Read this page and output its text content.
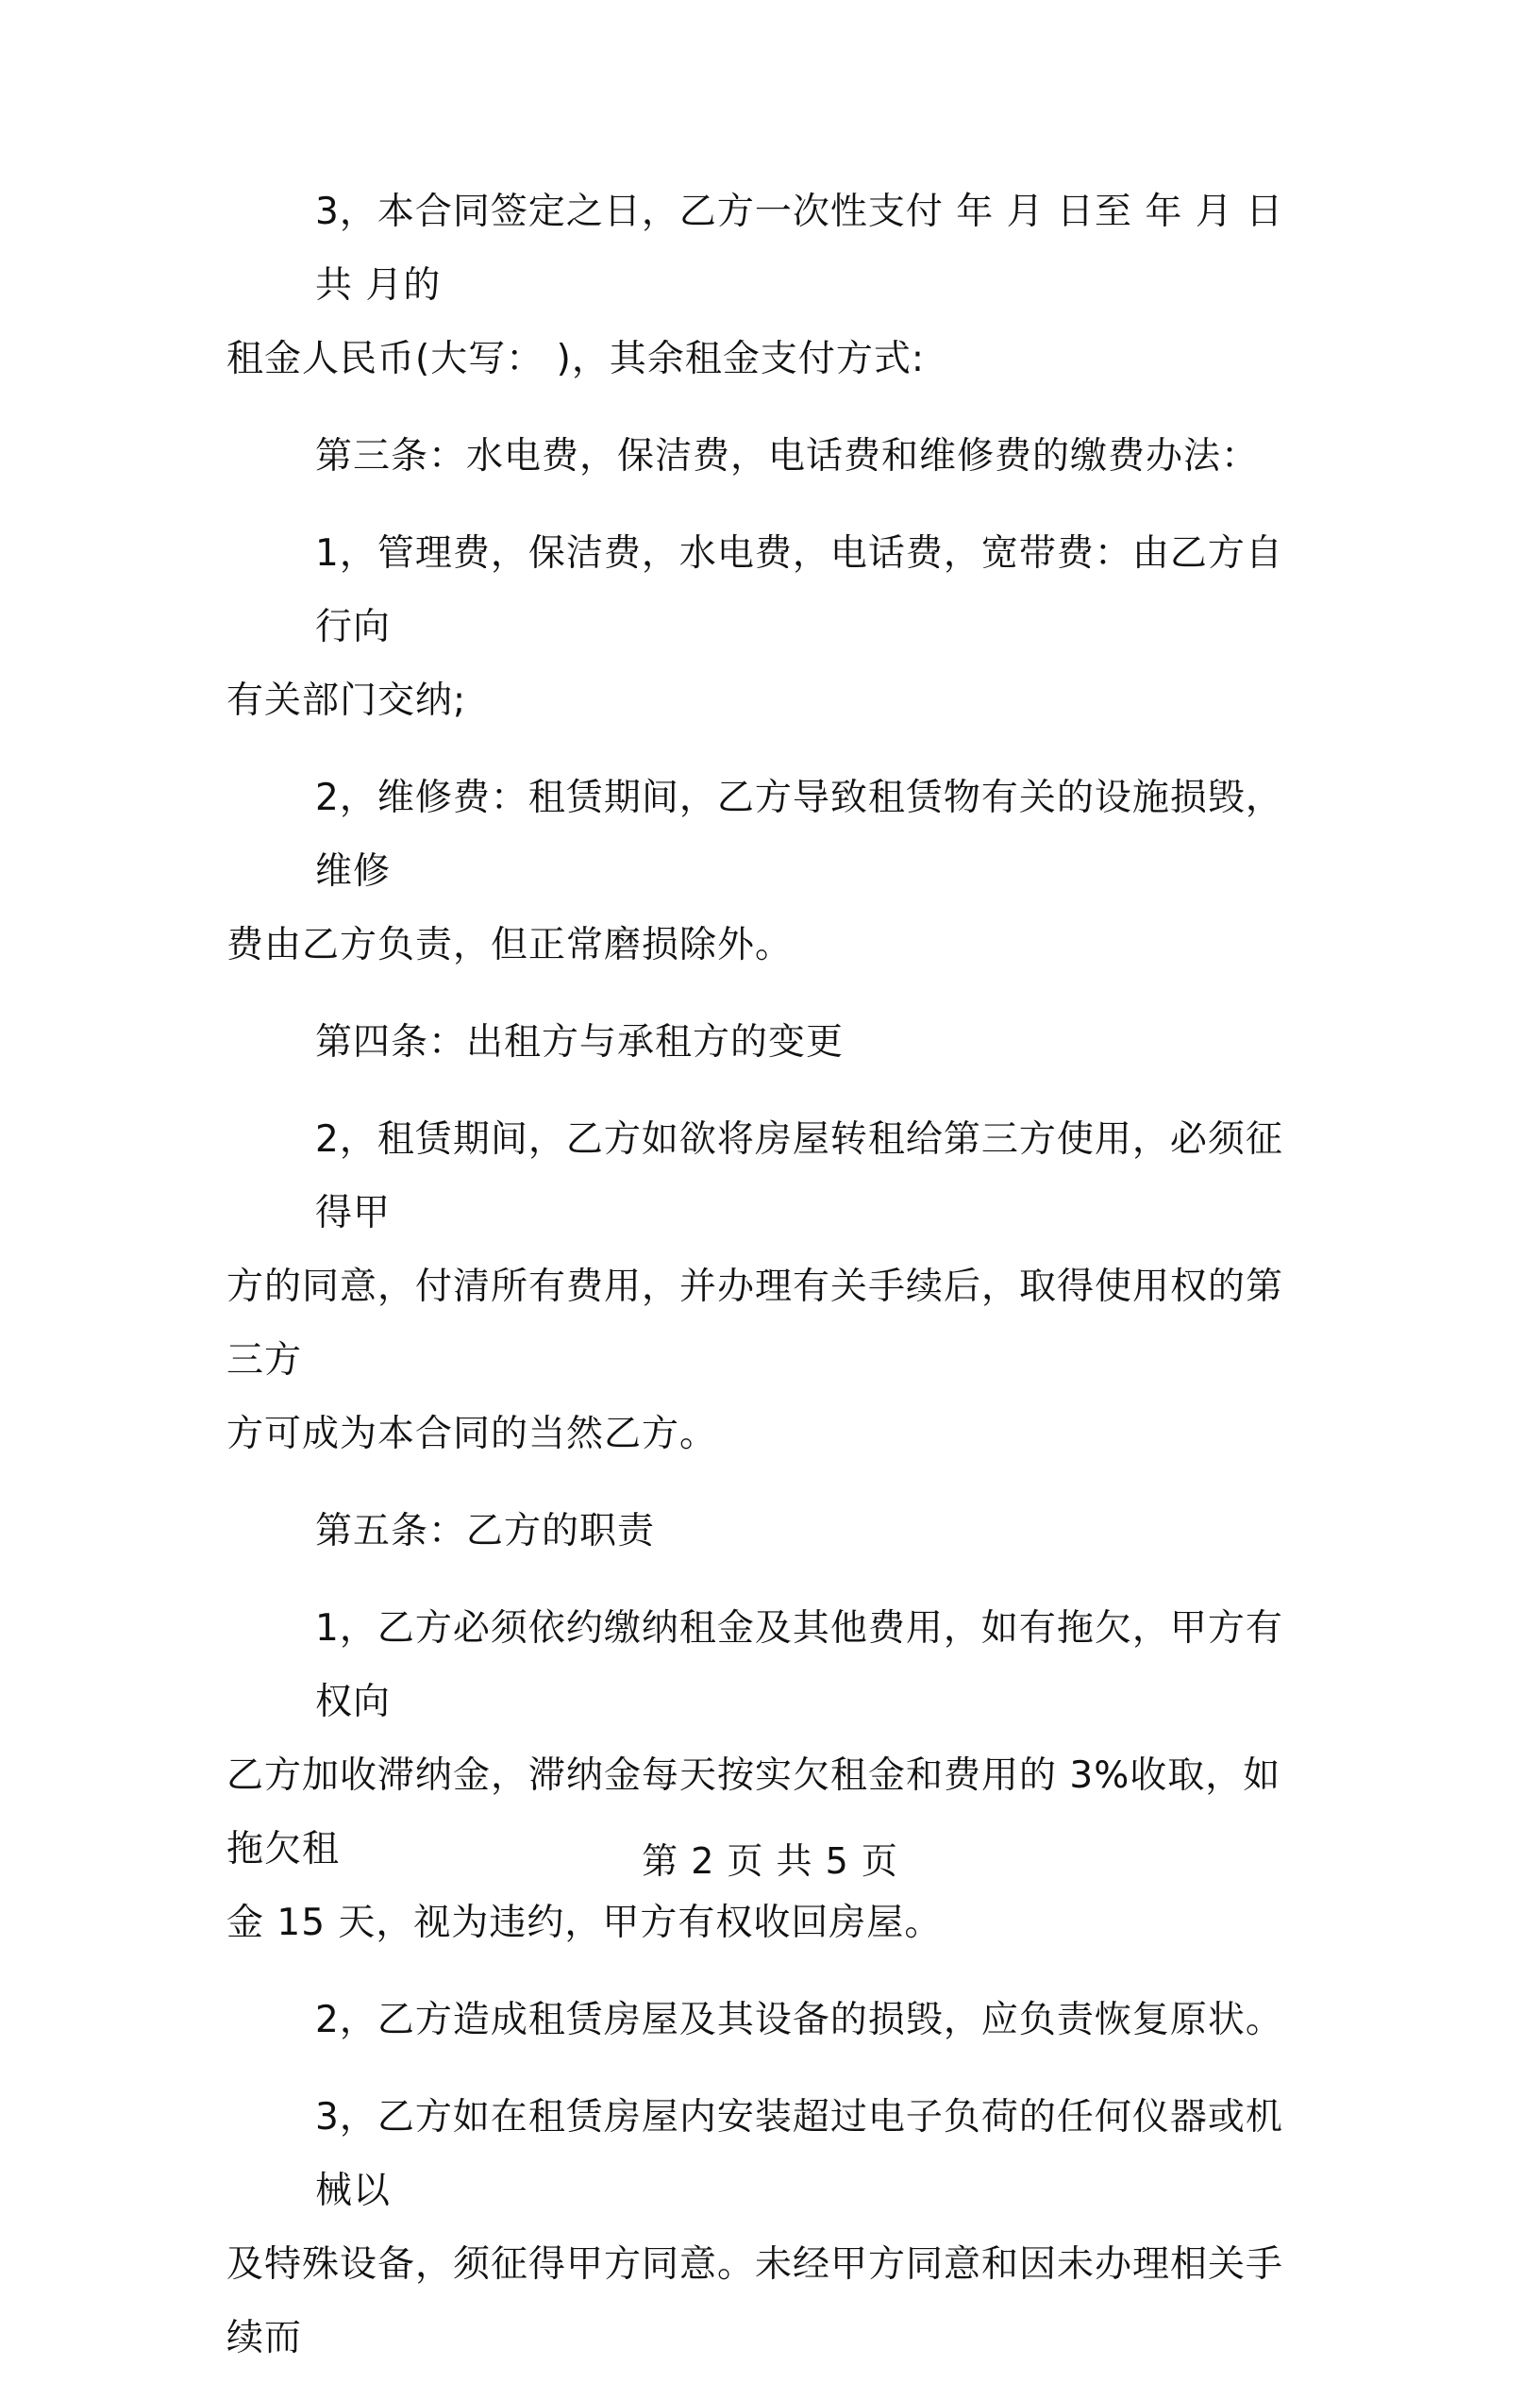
3，本合同签定之日，乙方一次性支付 年 月 日至 年 月 日共 月的
租金人民币(大写： )，其余租金支付方式:

第三条：水电费，保洁费，电话费和维修费的缴费办法：

1，管理费，保洁费，水电费，电话费，宽带费：由乙方自行向
有关部门交纳;

2，维修费：租赁期间，乙方导致租赁物有关的设施损毁，维修
费由乙方负责，但正常磨损除外。

第四条：出租方与承租方的变更

2，租赁期间，乙方如欲将房屋转租给第三方使用，必须征得甲
方的同意，付清所有费用，并办理有关手续后，取得使用权的第三方
方可成为本合同的当然乙方。

第五条：乙方的职责

1，乙方必须依约缴纳租金及其他费用，如有拖欠，甲方有权向
乙方加收滞纳金，滞纳金每天按实欠租金和费用的 3%收取，如拖欠租
金 15 天，视为违约，甲方有权收回房屋。

2，乙方造成租赁房屋及其设备的损毁，应负责恢复原状。

3，乙方如在租赁房屋内安装超过电子负荷的任何仪器或机械以
及特殊设备，须征得甲方同意。未经甲方同意和因未办理相关手续而

第 2 页 共 5 页
